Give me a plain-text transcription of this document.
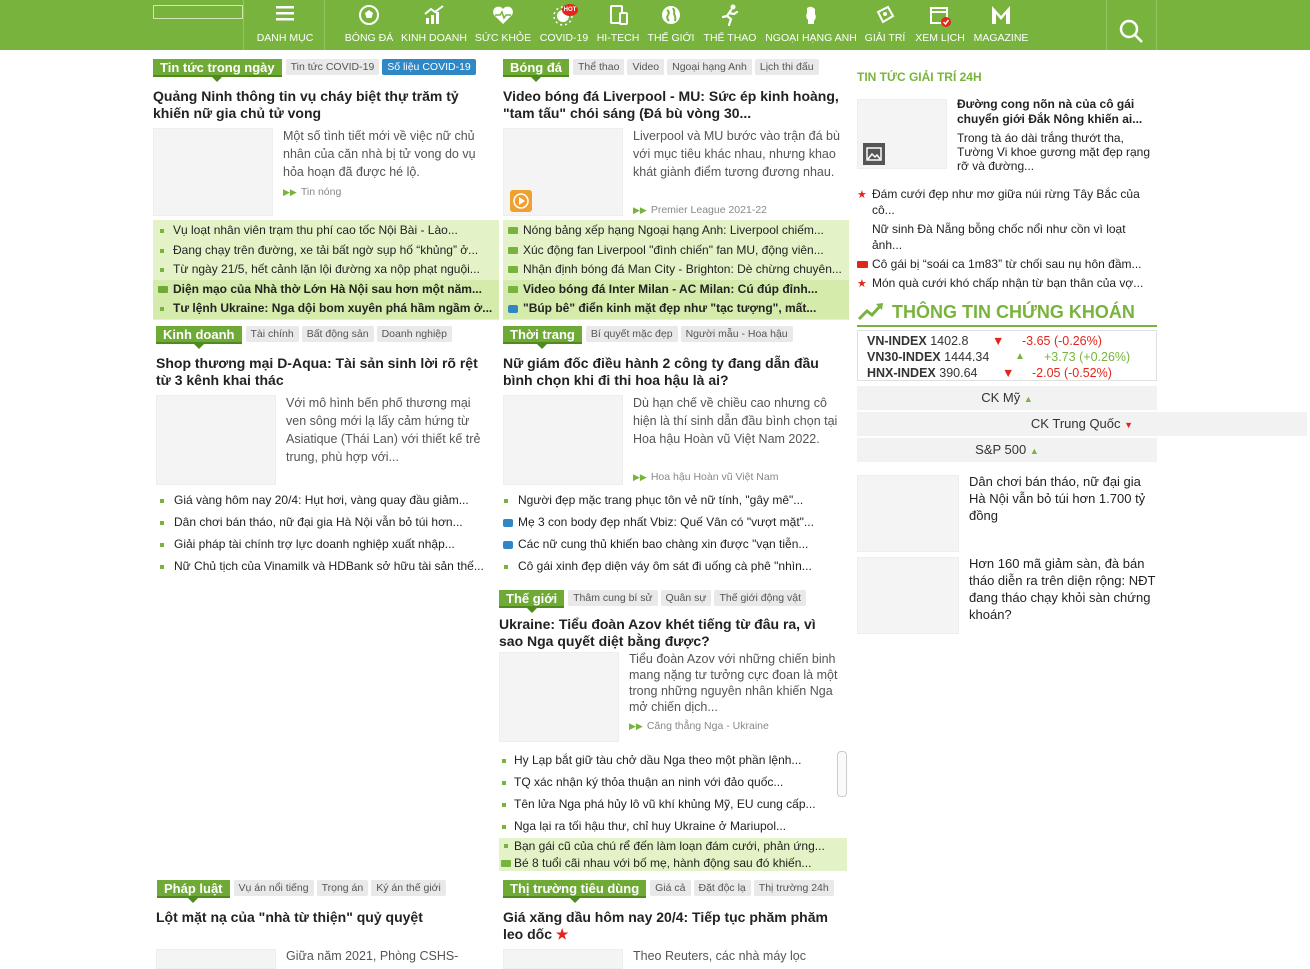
DANH MỤC	BÓNG ĐÁ KINH DOANH SỨC KHỎE
HOT
COVID-19 HI-TECH THẾ GIỚI THỂ THAO NGOẠI HẠNG ANH GIẢI TRÍ XEM LỊCH MAGAZINE
Tin tức trong ngày	Tin tức COVID-19	Số liệu COVID-19
Quảng Ninh thông tin vụ cháy biệt thự trăm tỷ khiến nữ gia chủ tử vong
Một số tình tiết mới về việc nữ chủ nhân của căn nhà bị tử vong do vụ hỏa hoạn đã được hé lộ.
▶▶ Tin nóng
Vụ loạt nhân viên trạm thu phí cao tốc Nội Bài - Lào...
Đang chạy trên đường, xe tải bất ngờ sụp hố “khủng” ở...
Từ ngày 21/5, hết cảnh lặn lội đường xa nộp phạt nguội...
Diện mạo của Nhà thờ Lớn Hà Nội sau hơn một năm...
Tư lệnh Ukraine: Nga dội bom xuyên phá hầm ngầm ở...
Bóng đá	Thể thao	Video	Ngoại hạng Anh	Lịch thi đấu
Video bóng đá Liverpool - MU: Sức ép kinh hoàng, "tam tấu" chói sáng (Đá bù vòng 30...
Liverpool và MU bước vào trận đá bù với mục tiêu khác nhau, nhưng khao khát giành điểm tương đương nhau.
▶▶ Premier League 2021-22
Nóng bảng xếp hạng Ngoại hạng Anh: Liverpool chiếm...
Xúc động fan Liverpool "đình chiến" fan MU, động viên...
Nhận định bóng đá Man City - Brighton: Dè chừng chuyên...
Video bóng đá Inter Milan - AC Milan: Cú đúp đỉnh...
"Búp bê" điển kinh mặt đẹp như "tạc tượng", mất...
Kinh doanh	Tài chính	Bất động sản	Doanh nghiệp
Shop thương mại D-Aqua: Tài sản sinh lời rõ rệt từ 3 kênh khai thác
Với mô hình bến phố thương mại ven sông mới lạ lấy cảm hứng từ Asiatique (Thái Lan) với thiết kế trẻ trung, phù hợp với...
Giá vàng hôm nay 20/4: Hụt hơi, vàng quay đầu giảm...
Dân chơi bán tháo, nữ đại gia Hà Nội vẫn bỏ túi hơn...
Giải pháp tài chính trợ lực doanh nghiệp xuất nhập...
Nữ Chủ tịch của Vinamilk và HDBank sở hữu tài sản thế...
Thời trang	Bí quyết mặc đẹp	Người mẫu - Hoa hậu
Nữ giám đốc điều hành 2 công ty đang dẫn đầu bình chọn khi đi thi hoa hậu là ai?
Dù hạn chế về chiều cao nhưng cô hiện là thí sinh dẫn đầu bình chọn tại Hoa hậu Hoàn vũ Việt Nam 2022.
▶▶ Hoa hậu Hoàn vũ Việt Nam
Người đẹp mặc trang phục tôn vẻ nữ tính, "gây mê"...
Mẹ 3 con body đẹp nhất Vbiz: Quế Vân có "vượt mặt"...
Các nữ cung thủ khiến bao chàng xin được "vạn tiễn...
Cô gái xinh đẹp diện váy ôm sát đi uống cà phê "nhìn...
Thế giới	Thâm cung bí sử	Quân sự	Thế giới động vật
Ukraine: Tiểu đoàn Azov khét tiếng từ đâu ra, vì sao Nga quyết diệt bằng được?
Tiểu đoàn Azov với những chiến binh mang nặng tư tưởng cực đoan là một trong những nguyên nhân khiến Nga mở chiến dịch...
▶▶ Căng thẳng Nga - Ukraine
Hy Lạp bắt giữ tàu chở dầu Nga theo một phần lệnh...
TQ xác nhận ký thỏa thuận an ninh với đảo quốc...
Tên lửa Nga phá hủy lô vũ khí khủng Mỹ, EU cung cấp...
Nga lại ra tối hậu thư, chỉ huy Ukraine ở Mariupol...
Bạn gái cũ của chú rể đến làm loạn đám cưới, phản ứng...
Bé 8 tuổi cãi nhau với bố mẹ, hành động sau đó khiến...
Pháp luật	Vụ án nổi tiếng	Trọng án	Ký án thế giới
Lột mặt nạ của "nhà từ thiện" quỷ quyệt
Giữa năm 2021, Phòng CSHS-
Thị trường tiêu dùng	Giá cả	Đặt độc lạ	Thị trường 24h
Giá xăng dầu hôm nay 20/4: Tiếp tục phăm phăm leo dốc ★
Theo Reuters, các nhà máy lọc
TIN TỨC GIẢI TRÍ 24H
Đường cong nõn nà của cô gái chuyển giới Đắk Nông khiến ai...
Trong tà áo dài trắng thướt tha, Tường Vi khoe gương mặt đẹp rạng rỡ và đường...
★ Đám cưới đẹp như mơ giữa núi rừng Tây Bắc của cô...
Nữ sinh Đà Nẵng bỗng chốc nổi như cồn vì loạt ảnh...
Cô gái bị “soái ca 1m83” từ chối sau nụ hôn đầm...
★ Món quà cưới khó chấp nhận từ bạn thân của vợ...
THÔNG TIN CHỨNG KHOÁN
VN-INDEX 1402.8 ▼ -3.65 (-0.26%)
VN30-INDEX 1444.34	▲ +3.73 (+0.26%)
HNX-INDEX 390.64 ▼ -2.05 (-0.52%)
CK Mỹ ▲
CK Trung Quốc ▼
S&P 500 ▲
Dân chơi bán tháo, nữ đại gia Hà Nội vẫn bỏ túi hơn 1.700 tỷ đồng
Hơn 160 mã giảm sàn, đà bán tháo diễn ra trên diện rộng: NĐT đang tháo chạy khỏi sàn chứng khoán?
